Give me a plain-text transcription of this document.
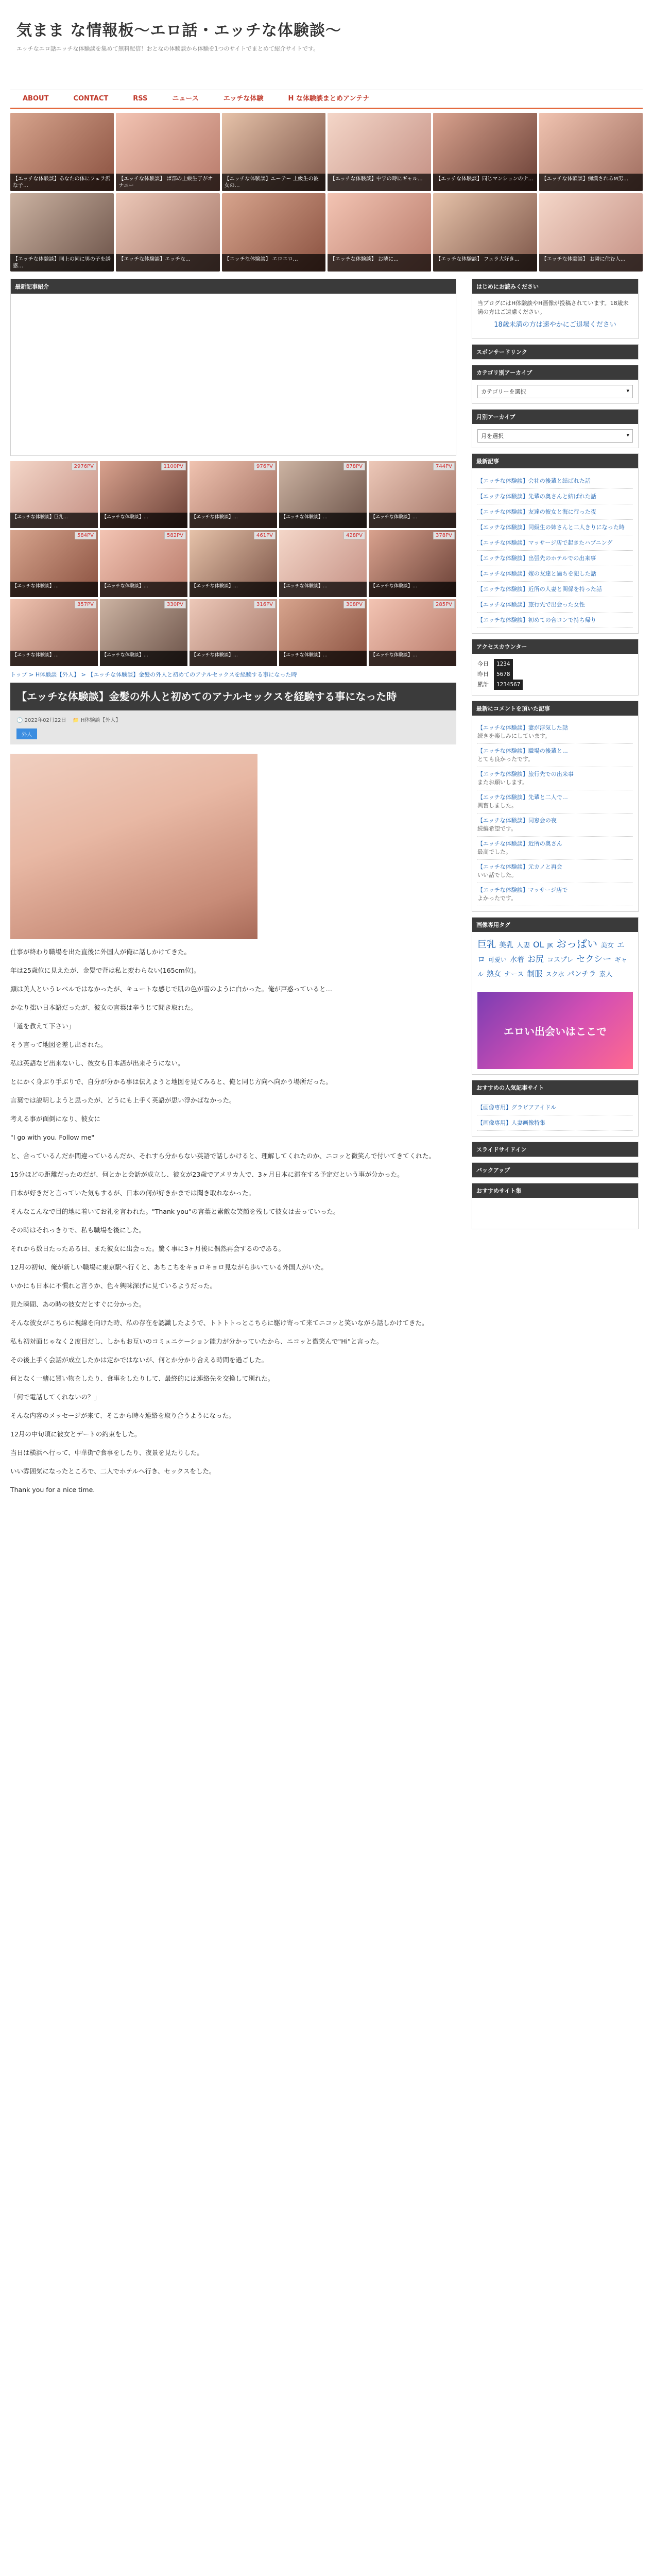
気まま な情報板〜エロ話・エッチな体験談〜
エッチなエロ話エッチな体験談を集めて無料配信！おとなの体験談から体験を1つのサイトでまとめて紹介サイトです。
ABOUT	CONTACT	RSS	ニュース	エッチな体験	H な体験談まとめアンテナ
【エッチな体験談】あなたの体にフェラ派な子…
【エッチな体験談】 ぱ部の上級生子がオナニー
【エッチな体験談】エーテー 上級生の彼女の…
【エッチな体験談】中学の時にギャル…	【エッチな体験談】同じマンションのナ…	【エッチな体験談】痴漢されるM男…
【エッチな体験談】同上の同に男の子を誘惑…
【エッチな体験談】エッチな…	【エッチな体験談】 エロエロ…	【エッチな体験談】 お隣に…	【エッチな体験談】 フェラ大好き…	【エッチな体験談】 お隣に住む人…
最新記事紹介
2976PV
【エッチな体験談】巨乳…
1100PV
【エッチな体験談】…
976PV
【エッチな体験談】…
878PV
【エッチな体験談】…
744PV
【エッチな体験談】…
584PV
【エッチな体験談】…
582PV
【エッチな体験談】…
461PV
【エッチな体験談】…
428PV
【エッチな体験談】…
378PV
【エッチな体験談】…
357PV
【エッチな体験談】…
330PV
【エッチな体験談】…
316PV
【エッチな体験談】…
308PV
【エッチな体験談】…
285PV
【エッチな体験談】…
トップ > H体験談【外人】 > 【エッチな体験談】金髪の外人と初めてのアナルセックスを経験する事になった時
【エッチな体験談】金髪の外人と初めてのアナルセックスを経験する事になった時
🕒 2022年02月22日 📁 H体験談【外人】
外人

仕事が終わり職場を出た直後に外国人が俺に話しかけてきた。

年は25歳位に見えたが、金髪で背は私と変わらない(165cm位)。

顔は美人というレベルではなかったが、キュートな感じで肌の色が雪のように白かった。俺が戸惑っていると…

かなり拙い日本語だったが、彼女の言葉は辛うじて聞き取れた。

「道を教えて下さい」

そう言って地図を差し出された。

私は英語など出来ないし、彼女も日本語が出来そうにない。

とにかく身ぶり手ぶりで、自分が分かる事は伝えようと地図を見てみると、俺と同じ方向へ向かう場所だった。

言葉では説明しようと思ったが、どうにも上手く英語が思い浮かばなかった。

考える事が面倒になり、彼女に

"I go with you. Follow me"

と、合っているんだか間違っているんだか、それすら分からない英語で話しかけると、理解してくれたのか、ニコッと微笑んで付いてきてくれた。

15分ほどの距離だったのだが、何とかと会話が成立し、彼女が23歳でアメリカ人で、3ヶ月日本に滞在する予定だという事が分かった。

日本が好きだと言っていた気もするが、日本の何が好きかまでは聞き取れなかった。

そんなこんなで目的地に着いてお礼を言われた。"Thank you"の言葉と素敵な笑顔を残して彼女は去っていった。

その時はそれっきりで、私も職場を後にした。

それから数日たったある日、また彼女に出会った。驚く事に3ヶ月後に偶然再会するのである。

12月の初旬、俺が新しい職場に東京駅へ行くと、あちこちをキョロキョロ見ながら歩いている外国人がいた。

いかにも日本に不慣れと言うか、色々興味深げに見ているようだった。

見た瞬間、あの時の彼女だとすぐに分かった。

そんな彼女がこちらに視線を向けた時、私の存在を認識したようで、トトトトっとこちらに駆け寄って来てニコッと笑いながら話しかけてきた。

私も初対面じゃなく２度目だし、しかもお互いのコミュニケーション能力が分かっていたから、ニコッと微笑んで"Hi"と言った。

その後上手く会話が成立したかは定かではないが、何とか分かり合える時間を過ごした。

何となく一緒に買い物をしたり、食事をしたりして、最終的には連絡先を交換して別れた。

「何で電話してくれないの？」

そんな内容のメッセージが来て、そこから時々連絡を取り合うようになった。

12月の中旬頃に彼女とデートの約束をした。

当日は横浜へ行って、中華街で食事をしたり、夜景を見たりした。

いい雰囲気になったところで、二人でホテルへ行き、セックスをした。

Thank you for a nice time.

はじめにお読みください

当ブログにはH体験談やH画像が投稿されています。18歳未満の方はご遠慮ください。

18歳未満の方は速やかにご退場ください

スポンサードリンク
カテゴリ別アーカイブ
カテゴリーを選択	▾
月別アーカイブ
月を選択	▾
最新記事
【エッチな体験談】会社の後輩と結ばれた話
【エッチな体験談】先輩の奥さんと結ばれた話
【エッチな体験談】友達の彼女と海に行った夜
【エッチな体験談】同級生の姉さんと二人きりになった時
【エッチな体験談】マッサージ店で起きたハプニング
【エッチな体験談】出張先のホテルでの出来事
【エッチな体験談】嫁の友達と過ちを犯した話
【エッチな体験談】近所の人妻と関係を持った話
【エッチな体験談】旅行先で出会った女性
【エッチな体験談】初めての合コンで持ち帰り
アクセスカウンター
今日 1234
昨日 5678
累計 1234567
最新にコメントを頂いた記事
【エッチな体験談】妻が浮気した話
続きを楽しみにしています。
【エッチな体験談】職場の後輩と…
とても良かったです。
【エッチな体験談】旅行先での出来事
またお願いします。
【エッチな体験談】先輩と二人で…
興奮しました。
【エッチな体験談】同窓会の夜
続編希望です。
【エッチな体験談】近所の奥さん
最高でした。
【エッチな体験談】元カノと再会
いい話でした。
【エッチな体験談】マッサージ店で
よかったです。
画像専用タグ
巨乳 美乳 人妻 OL JK おっぱい 美女 エロ 可愛い 水着 お尻 コスプレ セクシー ギャル 熟女 ナース 制服 スク水 パンチラ 素人
エロい出会いはここで
おすすめの人気記事サイト
【画像専用】グラビアアイドル
【画像専用】人妻画像特集
スライドサイドイン
バックアップ
おすすめサイト集
